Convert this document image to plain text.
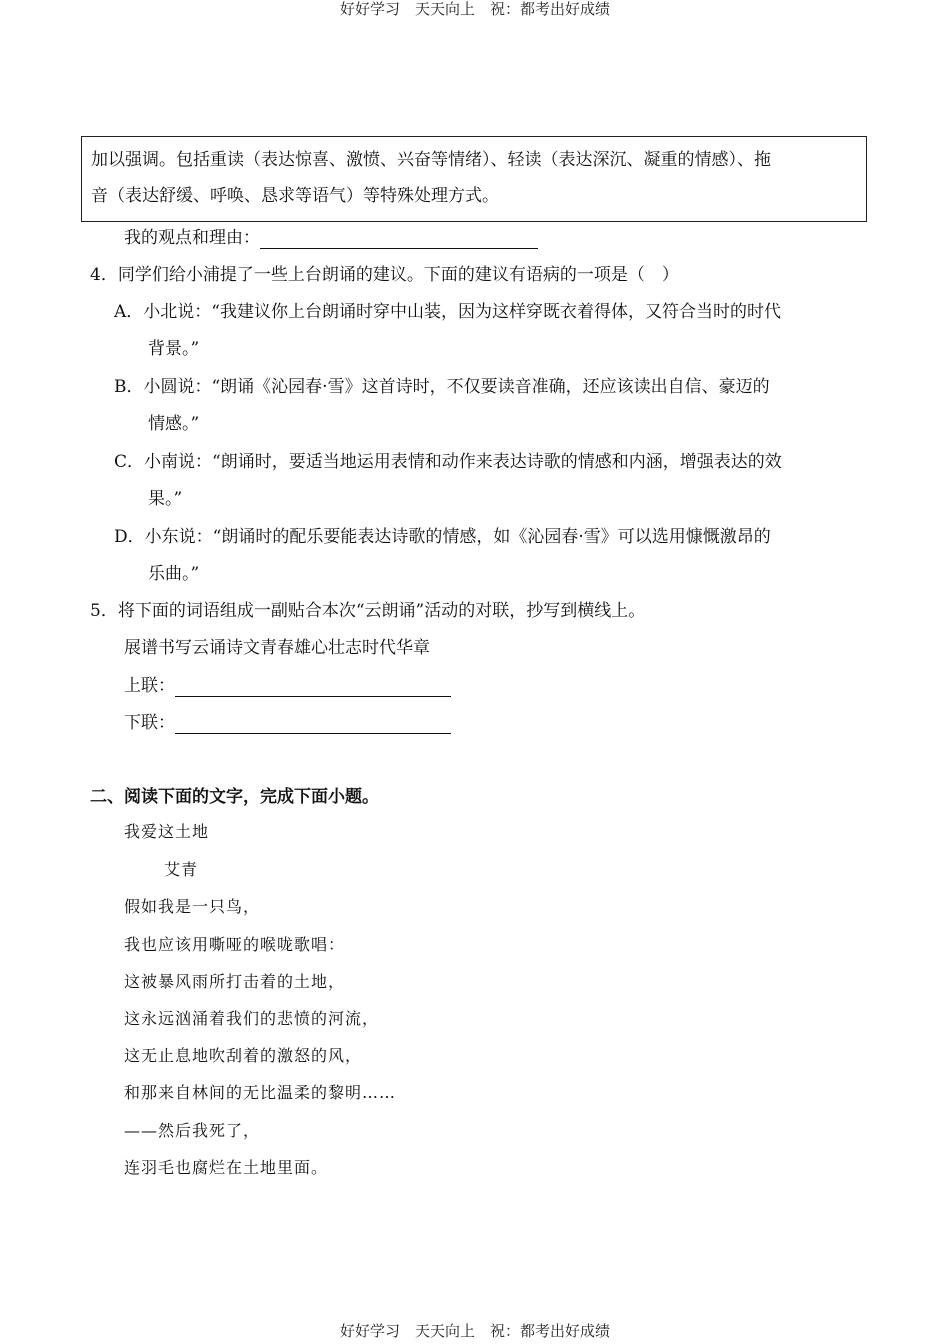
好好学习　天天向上　祝：都考出好成绩
加以强调。包括重读（表达惊喜、激愤、兴奋等情绪）、轻读（表达深沉、凝重的情感）、拖
音（表达舒缓、呼唤、恳求等语气）等特殊处理方式。
我的观点和理由：
4．同学们给小浦提了一些上台朗诵的建议。下面的建议有语病的一项是（　）
A．小北说：“我建议你上台朗诵时穿中山装，因为这样穿既衣着得体，又符合当时的时代
背景。”
B．小圆说：“朗诵《沁园春·雪》这首诗时，不仅要读音准确，还应该读出自信、豪迈的
情感。”
C．小南说：“朗诵时，要适当地运用表情和动作来表达诗歌的情感和内涵，增强表达的效
果。”
D．小东说：“朗诵时的配乐要能表达诗歌的情感，如《沁园春·雪》可以选用慷慨激昂的
乐曲。”
5．将下面的词语组成一副贴合本次“云朗诵”活动的对联，抄写到横线上。
展谱书写云诵诗文青春雄心壮志时代华章
上联：
下联：
二、阅读下面的文字，完成下面小题。
我爱这土地
艾青
假如我是一只鸟，
我也应该用嘶哑的喉咙歌唱：
这被暴风雨所打击着的土地，
这永远汹涌着我们的悲愤的河流，
这无止息地吹刮着的激怒的风，
和那来自林间的无比温柔的黎明……
——然后我死了，
连羽毛也腐烂在土地里面。
好好学习　天天向上　祝：都考出好成绩
